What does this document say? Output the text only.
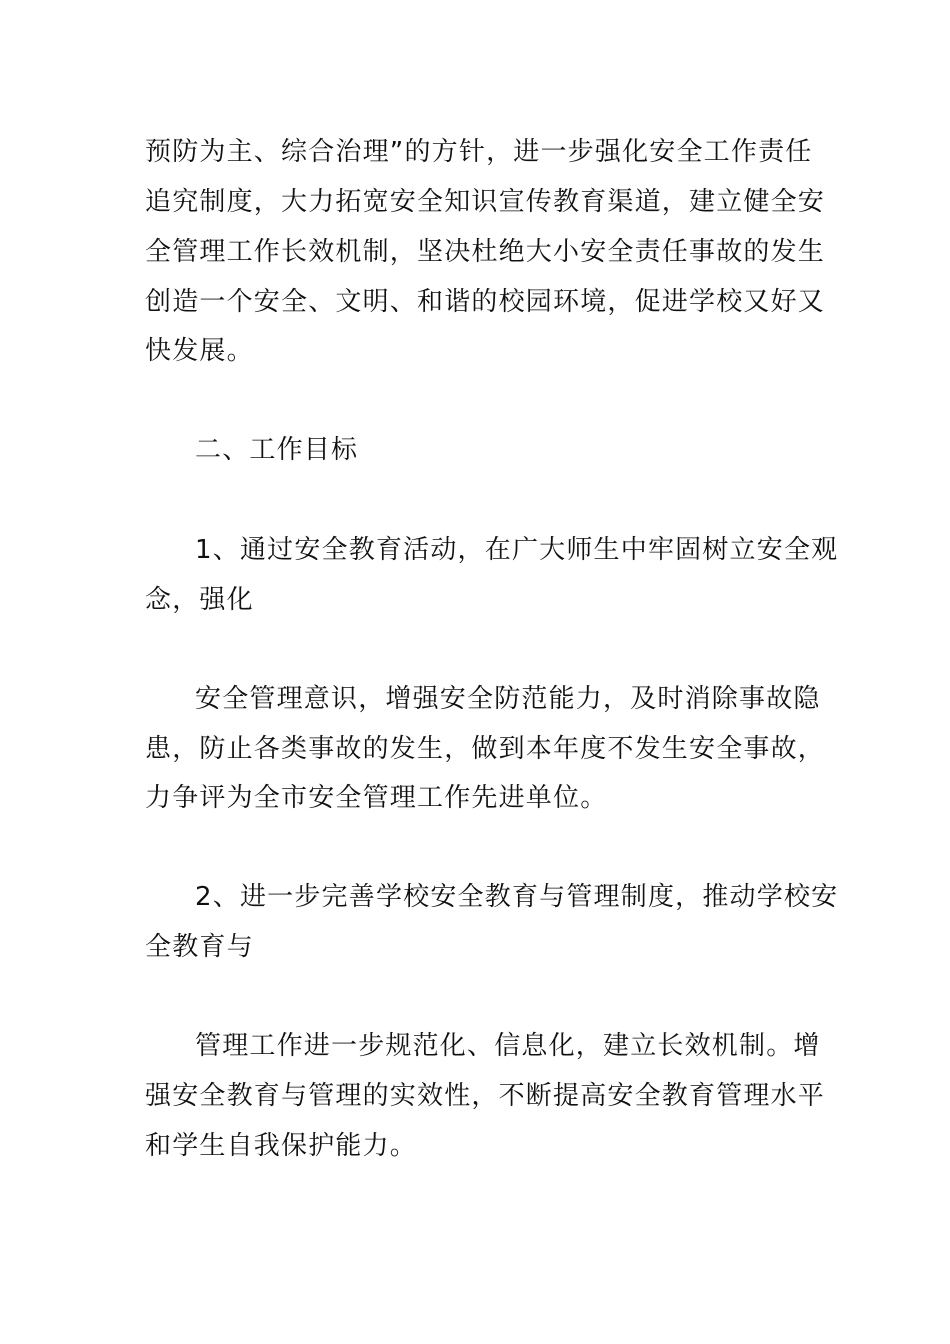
预防为主、综合治理”的方针，进一步强化安全工作责任
追究制度，大力拓宽安全知识宣传教育渠道，建立健全安
全管理工作长效机制，坚决杜绝大小安全责任事故的发生
创造一个安全、文明、和谐的校园环境，促进学校又好又
快发展。
二、工作目标
1、通过安全教育活动，在广大师生中牢固树立安全观
念，强化
安全管理意识，增强安全防范能力，及时消除事故隐
患，防止各类事故的发生，做到本年度不发生安全事故，
力争评为全市安全管理工作先进单位。
2、进一步完善学校安全教育与管理制度，推动学校安
全教育与
管理工作进一步规范化、信息化，建立长效机制。增
强安全教育与管理的实效性，不断提高安全教育管理水平
和学生自我保护能力。
